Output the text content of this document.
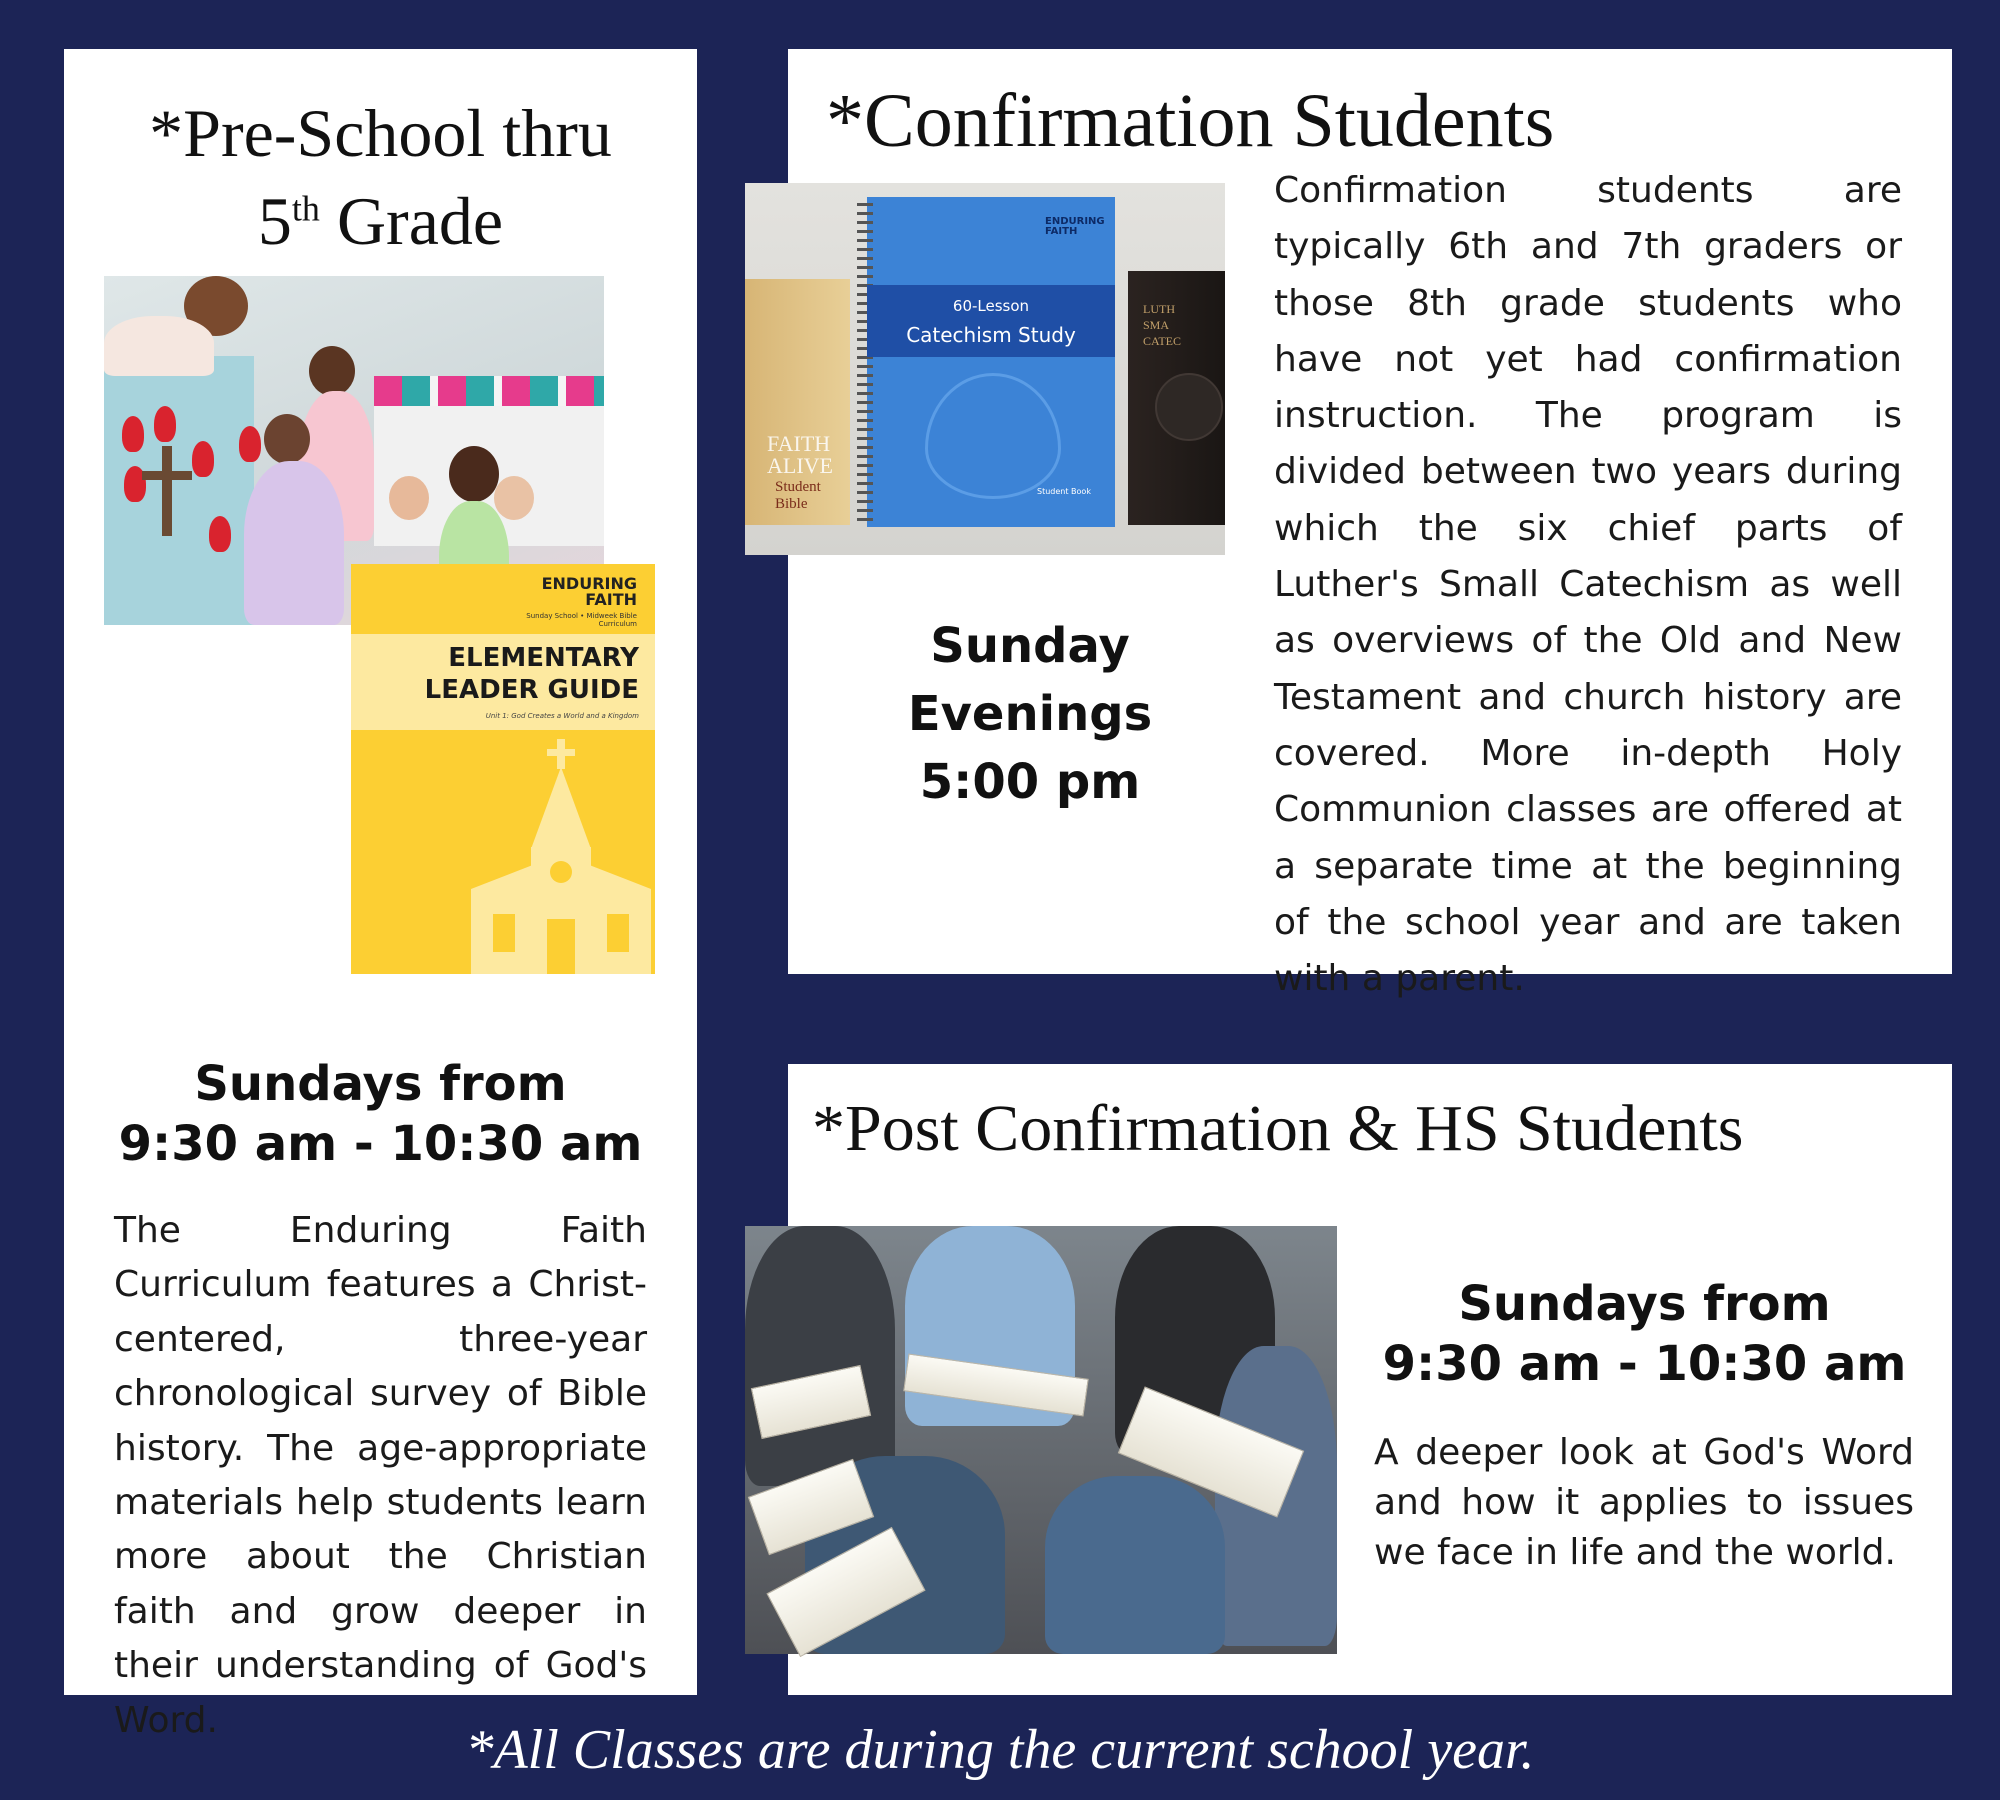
*Pre-School thru
5th Grade
ENDURING
FAITH
Sunday School • Midweek Bible Curriculum
ELEMENTARY
LEADER GUIDE
Unit 1: God Creates a World and a Kingdom
Sundays from
9:30 am - 10:30 am

The Enduring Faith Curriculum features a Christ-centered, three-year chronological survey of Bible history. The age-appropriate materials help students learn more about the Christian faith and grow deeper in their understanding of God's Word.

*Confirmation Students
FAITH
ALIVE
Student
Bible
ENDURING
FAITH
60-Lesson
Catechism Study
Student Book
LUTH
SMA
CATEC
Sunday
Evenings
5:00 pm

Confirmation students are typically 6th and 7th graders or those 8th grade students who have not yet had confirmation instruction. The program is divided between two years during which the six chief parts of Luther's Small Catechism as well as overviews of the Old and New Testament and church history are covered. More in-depth Holy Communion classes are offered at a separate time at the beginning of the school year and are taken with a parent.

*Post Confirmation & HS Students
Sundays from
9:30 am - 10:30 am

A deeper look at God's Word and how it applies to issues we face in life and the world.

*All Classes are during the current school year.
